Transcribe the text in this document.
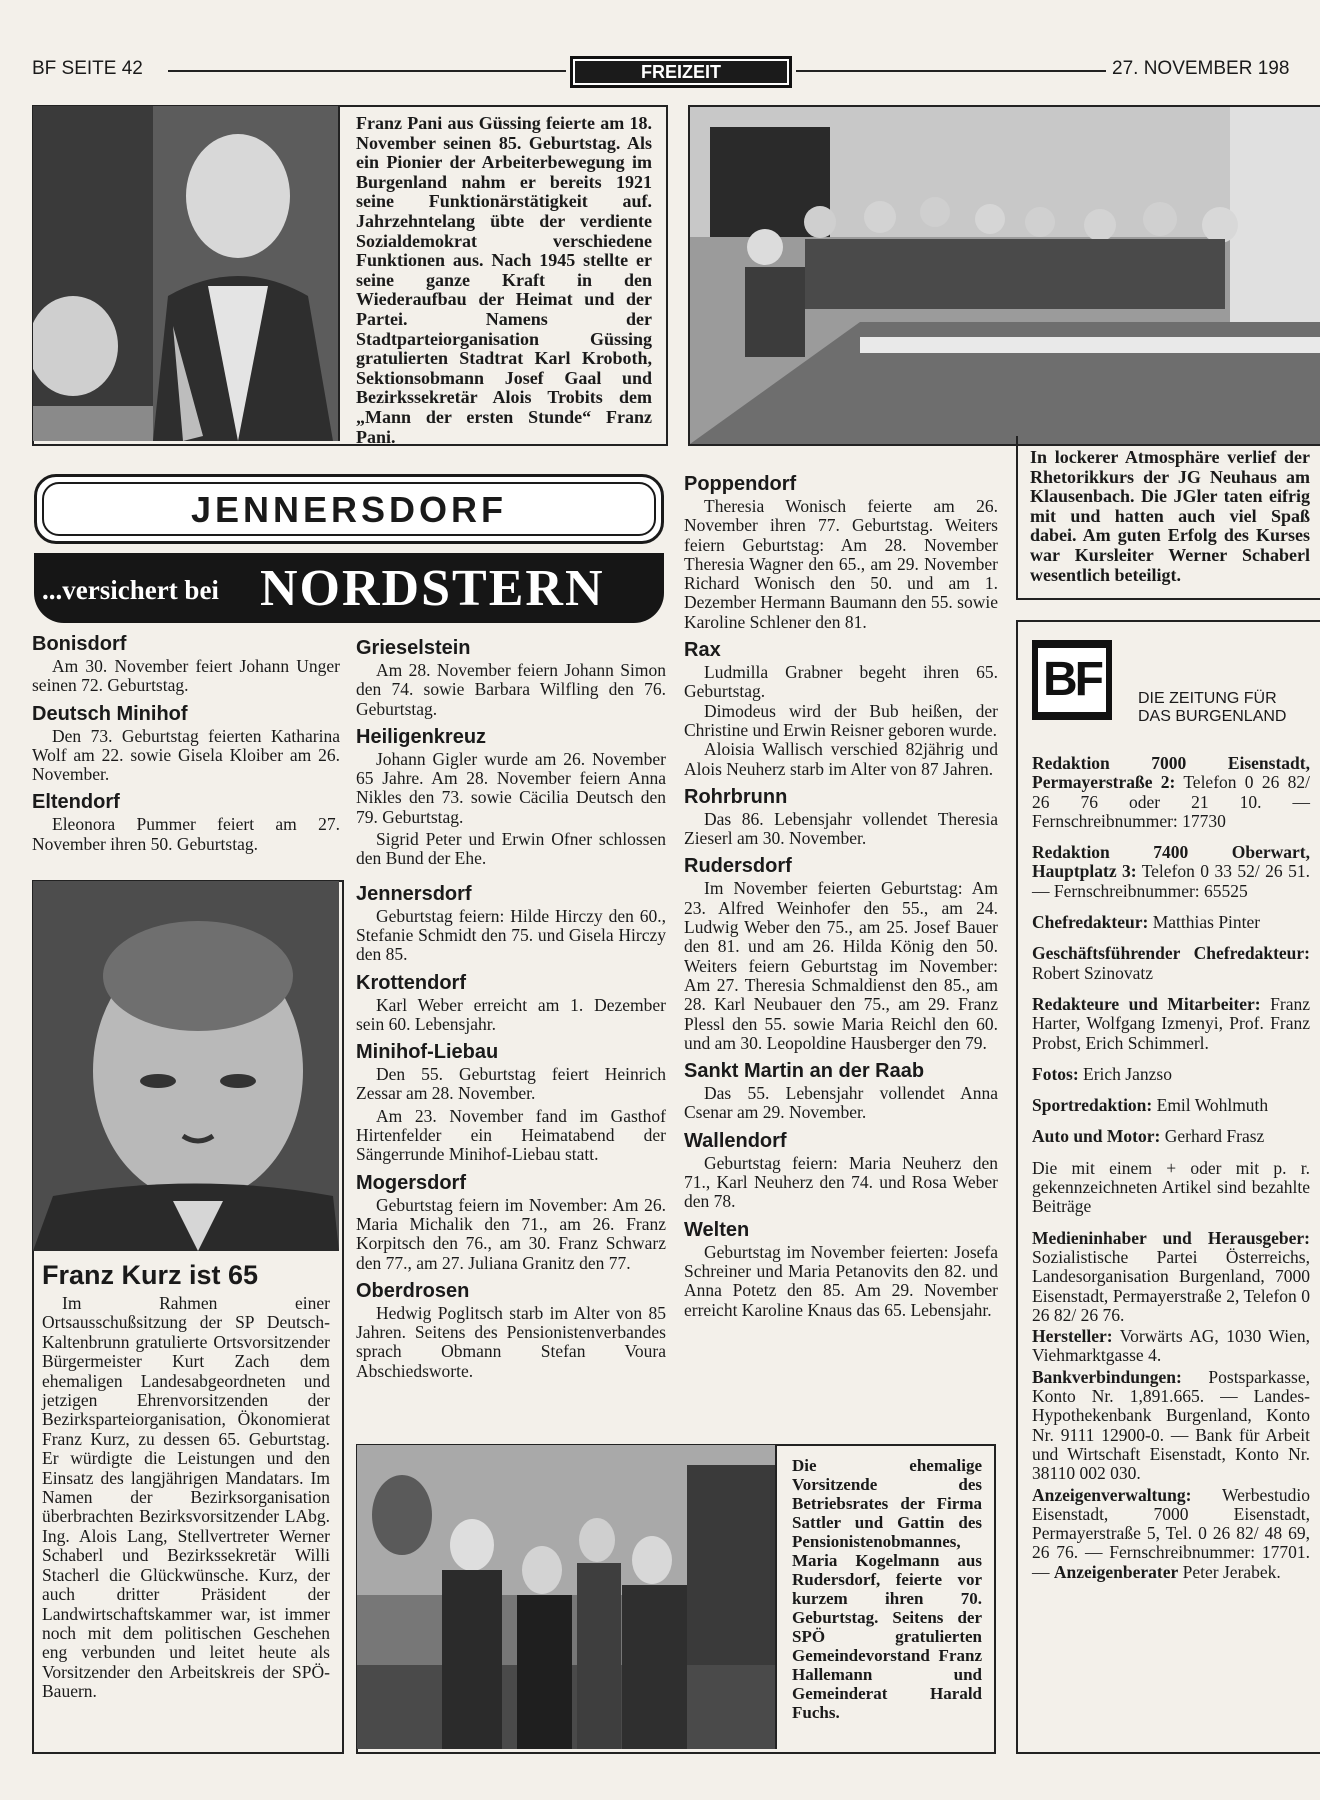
BF SEITE 42	FREIZEIT	27. NOVEMBER 198
Franz Pani aus Güssing feierte am 18. November seinen 85. Geburtstag. Als ein Pionier der Arbeiterbewegung im Burgenland nahm er bereits 1921 seine Funktionärstätigkeit auf. Jahrzehntelang übte der verdiente Sozialdemokrat verschiedene Funktionen aus. Nach 1945 stellte er seine ganze Kraft in den Wiederaufbau der Heimat und der Partei. Namens der Stadtparteiorganisation Güssing gratulierten Stadtrat Karl Kroboth, Sektionsobmann Josef Gaal und Bezirkssekretär Alois Trobits dem „Mann der ersten Stunde“ Franz Pani.
In lockerer Atmosphäre verlief der Rhetorikkurs der JG Neuhaus am Klausenbach. Die JGler taten eifrig mit und hatten auch viel Spaß dabei. Am guten Erfolg des Kurses war Kursleiter Werner Schaberl wesentlich beteiligt.
JENNERSDORF
...versichert bei NORDSTERN
Bonisdorf

Am 30. November feiert Johann Unger seinen 72. Geburtstag.

Deutsch Minihof

Den 73. Geburtstag feierten Katharina Wolf am 22. sowie Gisela Kloiber am 26. November.

Eltendorf

Eleonora Pummer feiert am 27. November ihren 50. Geburtstag.

Franz Kurz ist 65

Im Rahmen einer Ortsausschußsitzung der SP Deutsch-Kaltenbrunn gratulierte Ortsvorsitzender Bürgermeister Kurt Zach dem ehemaligen Landesabgeordneten und jetzigen Ehrenvorsitzenden der Bezirksparteiorganisation, Ökonomierat Franz Kurz, zu dessen 65. Geburtstag. Er würdigte die Leistungen und den Einsatz des langjährigen Mandatars. Im Namen der Bezirksorganisation überbrachten Bezirksvorsitzender LAbg. Ing. Alois Lang, Stellvertreter Werner Schaberl und Bezirkssekretär Willi Stacherl die Glückwünsche. Kurz, der auch dritter Präsident der Landwirtschaftskammer war, ist immer noch mit dem politischen Geschehen eng verbunden und leitet heute als Vorsitzender den Arbeitskreis der SPÖ-Bauern.

Grieselstein

Am 28. November feiern Johann Simon den 74. sowie Barbara Wilfling den 76. Geburtstag.

Heiligenkreuz

Johann Gigler wurde am 26. November 65 Jahre. Am 28. November feiern Anna Nikles den 73. sowie Cäcilia Deutsch den 79. Geburtstag.

Sigrid Peter und Erwin Ofner schlossen den Bund der Ehe.

Jennersdorf

Geburtstag feiern: Hilde Hirczy den 60., Stefanie Schmidt den 75. und Gisela Hirczy den 85.

Krottendorf

Karl Weber erreicht am 1. Dezember sein 60. Lebensjahr.

Minihof-Liebau

Den 55. Geburtstag feiert Heinrich Zessar am 28. November.

Am 23. November fand im Gasthof Hirtenfelder ein Heimatabend der Sängerrunde Minihof-Liebau statt.

Mogersdorf

Geburtstag feiern im November: Am 26. Maria Michalik den 71., am 26. Franz Korpitsch den 76., am 30. Franz Schwarz den 77., am 27. Juliana Granitz den 77.

Oberdrosen

Hedwig Poglitsch starb im Alter von 85 Jahren. Seitens des Pensionistenverbandes sprach Obmann Stefan Voura Abschiedsworte.

Poppendorf

Theresia Wonisch feierte am 26. November ihren 77. Geburtstag. Weiters feiern Geburtstag: Am 28. November Theresia Wagner den 65., am 29. November Richard Wonisch den 50. und am 1. Dezember Hermann Baumann den 55. sowie Karoline Schlener den 81.

Rax

Ludmilla Grabner begeht ihren 65. Geburtstag.

Dimodeus wird der Bub heißen, der Christine und Erwin Reisner geboren wurde.

Aloisia Wallisch verschied 82jährig und Alois Neuherz starb im Alter von 87 Jahren.

Rohrbrunn

Das 86. Lebensjahr vollendet Theresia Zieserl am 30. November.

Rudersdorf

Im November feierten Geburtstag: Am 23. Alfred Weinhofer den 55., am 24. Ludwig Weber den 75., am 25. Josef Bauer den 81. und am 26. Hilda König den 50. Weiters feiern Geburtstag im November: Am 27. Theresia Schmaldienst den 85., am 28. Karl Neubauer den 75., am 29. Franz Plessl den 55. sowie Maria Reichl den 60. und am 30. Leopoldine Hausberger den 79.

Sankt Martin an der Raab

Das 55. Lebensjahr vollendet Anna Csenar am 29. November.

Wallendorf

Geburtstag feiern: Maria Neuherz den 71., Karl Neuherz den 74. und Rosa Weber den 78.

Welten

Geburtstag im November feierten: Josefa Schreiner und Maria Petanovits den 82. und Anna Potetz den 85. Am 29. November erreicht Karoline Knaus das 65. Lebensjahr.

Die ehemalige Vorsitzende des Betriebsrates der Firma Sattler und Gattin des Pensionistenobmannes, Maria Kogelmann aus Rudersdorf, feierte vor kurzem ihren 70. Geburtstag. Seitens der SPÖ gratulierten Gemeindevorstand Franz Hallemann und Gemeinderat Harald Fuchs.
BF	DIE ZEITUNG FÜR DAS BURGENLAND

Redaktion 7000 Eisenstadt, Permayerstraße 2: Telefon 0 26 82/ 26 76 oder 21 10. — Fernschreibnummer: 17730

Redaktion 7400 Oberwart, Hauptplatz 3: Telefon 0 33 52/ 26 51. — Fernschreibnummer: 65525

Chefredakteur: Matthias Pinter

Geschäftsführender Chefredakteur: Robert Szinovatz

Redakteure und Mitarbeiter: Franz Harter, Wolfgang Izmenyi, Prof. Franz Probst, Erich Schimmerl.

Fotos: Erich Janzso

Sportredaktion: Emil Wohlmuth

Auto und Motor: Gerhard Frasz

Die mit einem + oder mit p. r. gekennzeichneten Artikel sind bezahlte Beiträge

Medieninhaber und Herausgeber: Sozialistische Partei Österreichs, Landesorganisation Burgenland, 7000 Eisenstadt, Permayerstraße 2, Telefon 0 26 82/ 26 76.

Hersteller: Vorwärts AG, 1030 Wien, Viehmarktgasse 4.

Bankverbindungen: Postsparkasse, Konto Nr. 1,891.665. — Landes-Hypothekenbank Burgenland, Konto Nr. 9111 12900-0. — Bank für Arbeit und Wirtschaft Eisenstadt, Konto Nr. 38110 002 030.

Anzeigenverwaltung: Werbestudio Eisenstadt, 7000 Eisenstadt, Permayerstraße 5, Tel. 0 26 82/ 48 69, 26 76. — Fernschreibnummer: 17701. — Anzeigenberater Peter Jerabek.
